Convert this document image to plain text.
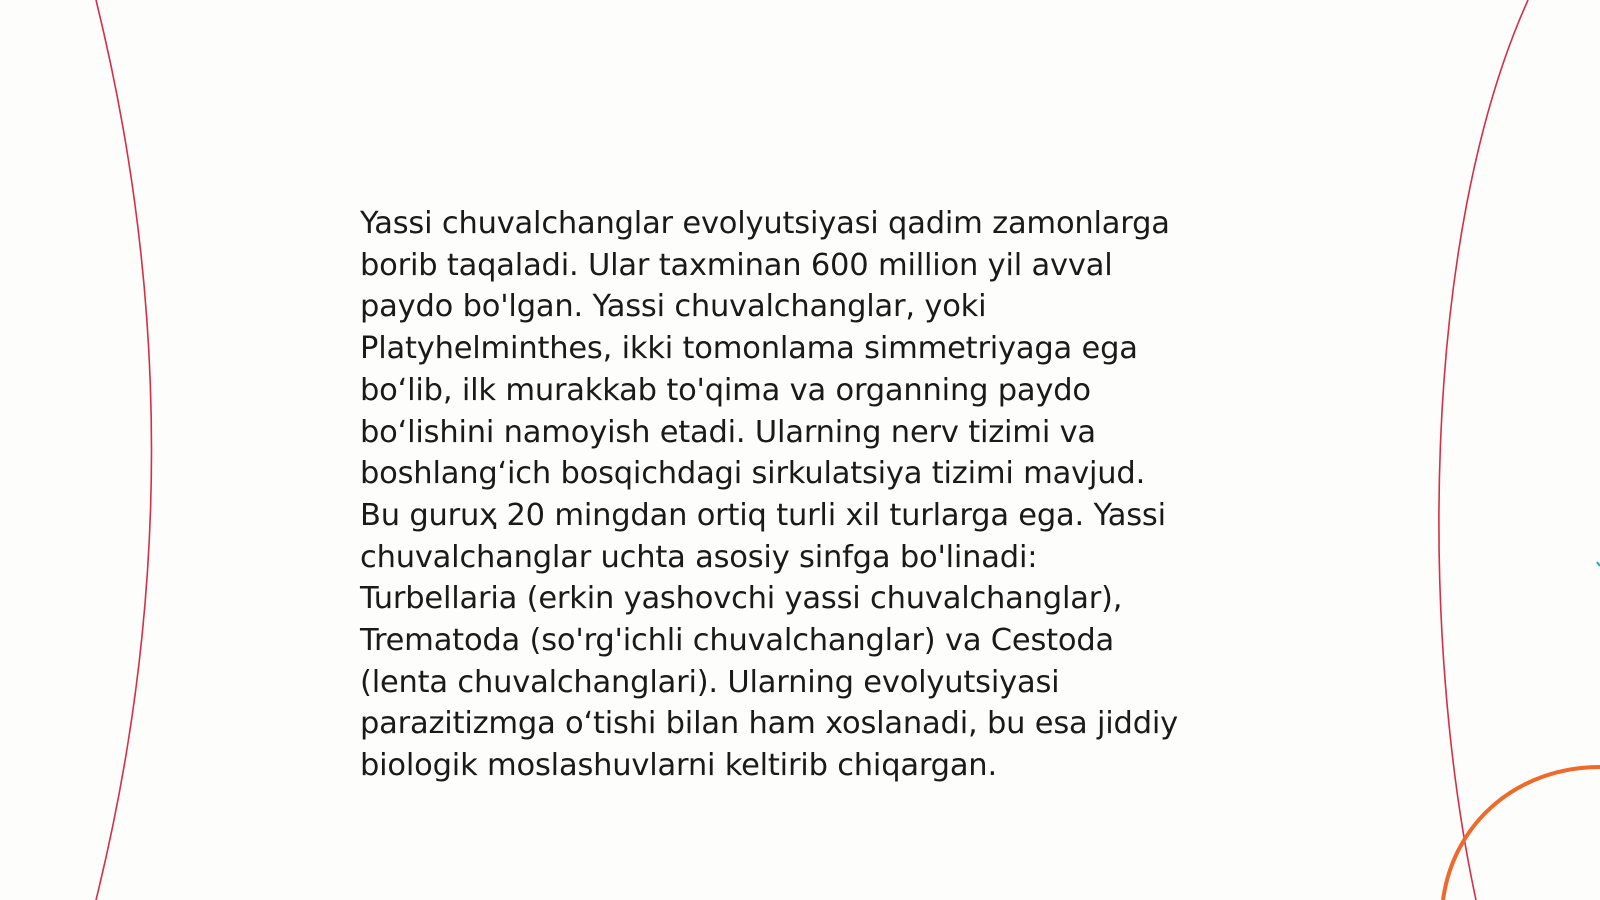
Yassi chuvalchanglar evolyutsiyasi qadim zamonlarga
borib taqaladi. Ular taxminan 600 million yil avval
paydo bo'lgan. Yassi chuvalchanglar, yoki
Platyhelminthes, ikki tomonlama simmetriyaga ega
bo‘lib, ilk murakkab to'qima va organning paydo
bo‘lishini namoyish etadi. Ularning nerv tizimi va
boshlang‘ich bosqichdagi sirkulatsiya tizimi mavjud.
Bu guruҳ 20 mingdan ortiq turli xil turlarga ega. Yassi
chuvalchanglar uchta asosiy sinfga bo'linadi:
Turbellaria (erkin yashovchi yassi chuvalchanglar),
Trematoda (so'rg'ichli chuvalchanglar) va Cestoda
(lenta chuvalchanglari). Ularning evolyutsiyasi
parazitizmga o‘tishi bilan ham xoslanadi, bu esa jiddiy
biologik moslashuvlarni keltirib chiqargan.
